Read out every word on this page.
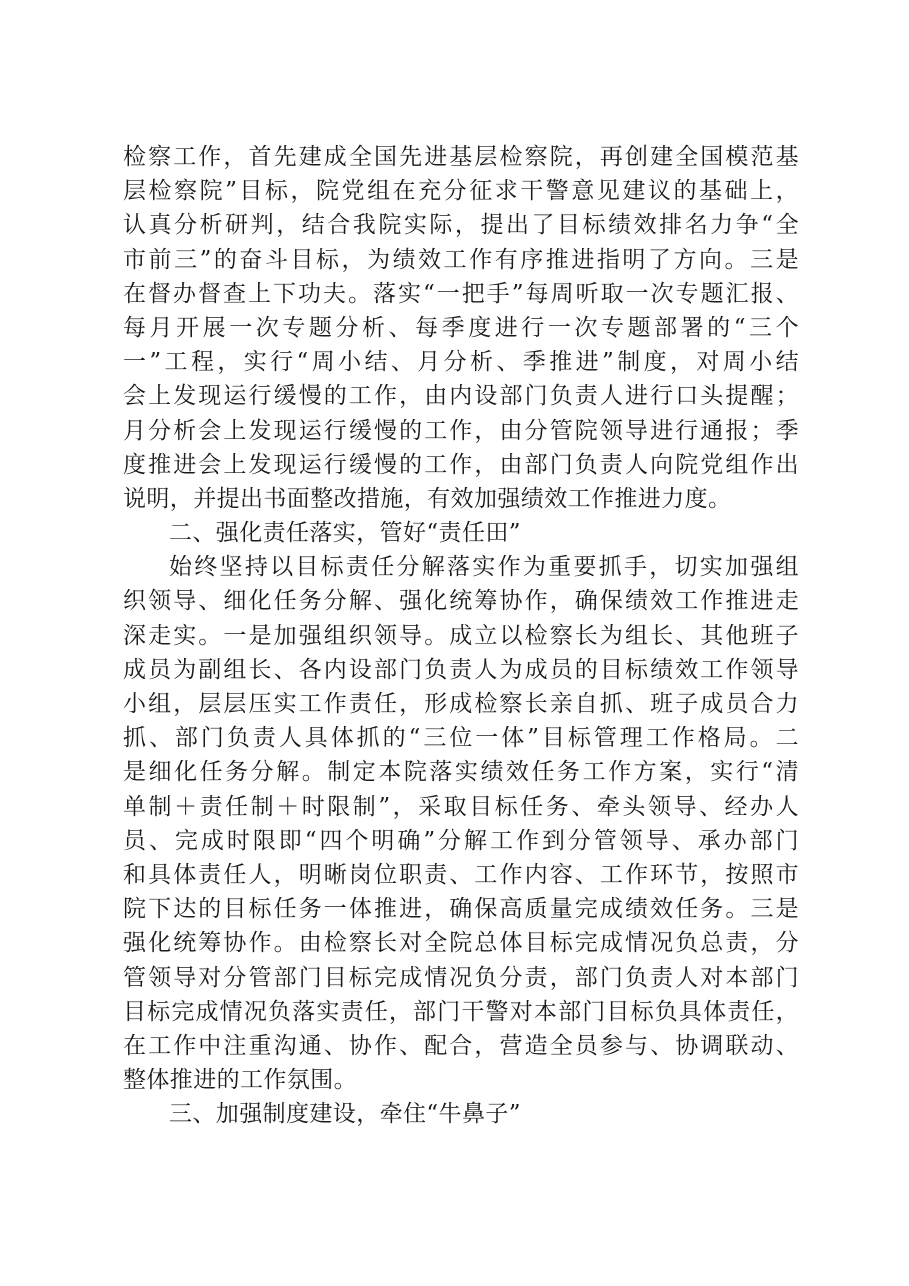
检察工作，首先建成全国先进基层检察院，再创建全国模范基
层检察院”目标，院党组在充分征求干警意见建议的基础上，
认真分析研判，结合我院实际，提出了目标绩效排名力争“全
市前三”的奋斗目标，为绩效工作有序推进指明了方向。三是
在督办督查上下功夫。落实“一把手”每周听取一次专题汇报、
每月开展一次专题分析、每季度进行一次专题部署的“三个
一”工程，实行“周小结、月分析、季推进”制度，对周小结
会上发现运行缓慢的工作，由内设部门负责人进行口头提醒；
月分析会上发现运行缓慢的工作，由分管院领导进行通报；季
度推进会上发现运行缓慢的工作，由部门负责人向院党组作出
说明，并提出书面整改措施，有效加强绩效工作推进力度。
二、强化责任落实，管好“责任田”
始终坚持以目标责任分解落实作为重要抓手，切实加强组
织领导、细化任务分解、强化统筹协作，确保绩效工作推进走
深走实。一是加强组织领导。成立以检察长为组长、其他班子
成员为副组长、各内设部门负责人为成员的目标绩效工作领导
小组，层层压实工作责任，形成检察长亲自抓、班子成员合力
抓、部门负责人具体抓的“三位一体”目标管理工作格局。二
是细化任务分解。制定本院落实绩效任务工作方案，实行“清
单制＋责任制＋时限制”，采取目标任务、牵头领导、经办人
员、完成时限即“四个明确”分解工作到分管领导、承办部门
和具体责任人，明晰岗位职责、工作内容、工作环节，按照市
院下达的目标任务一体推进，确保高质量完成绩效任务。三是
强化统筹协作。由检察长对全院总体目标完成情况负总责，分
管领导对分管部门目标完成情况负分责，部门负责人对本部门
目标完成情况负落实责任，部门干警对本部门目标负具体责任，
在工作中注重沟通、协作、配合，营造全员参与、协调联动、
整体推进的工作氛围。
三、加强制度建设，牵住“牛鼻子”
